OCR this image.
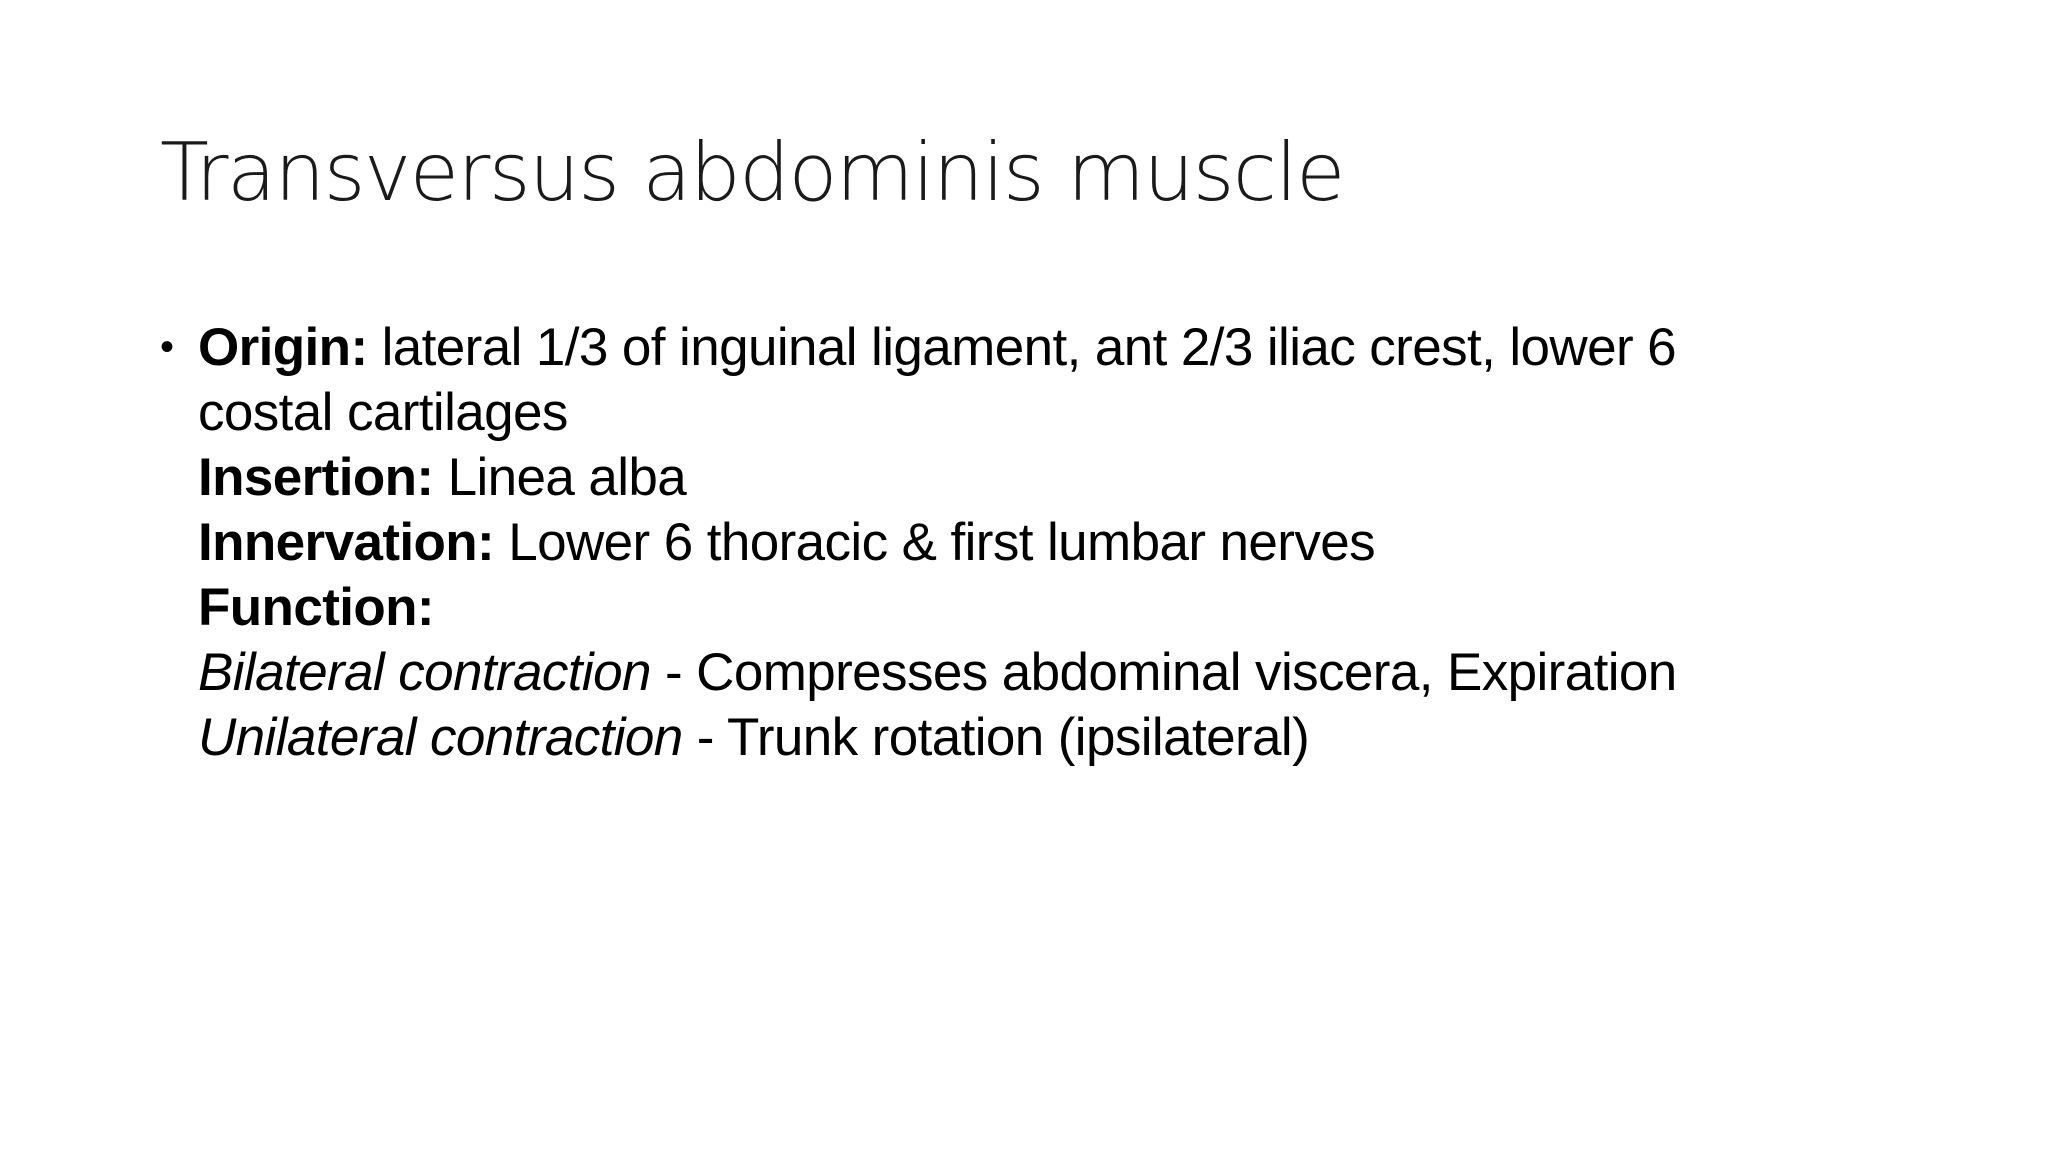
Transversus abdominis muscle
• Origin: lateral 1/3 of inguinal ligament, ant 2/3 iliac crest, lower 6
costal cartilages
Insertion: Linea alba
Innervation: Lower 6 thoracic & first lumbar nerves
Function:
Bilateral contraction - Compresses abdominal viscera, Expiration
Unilateral contraction - Trunk rotation (ipsilateral)
